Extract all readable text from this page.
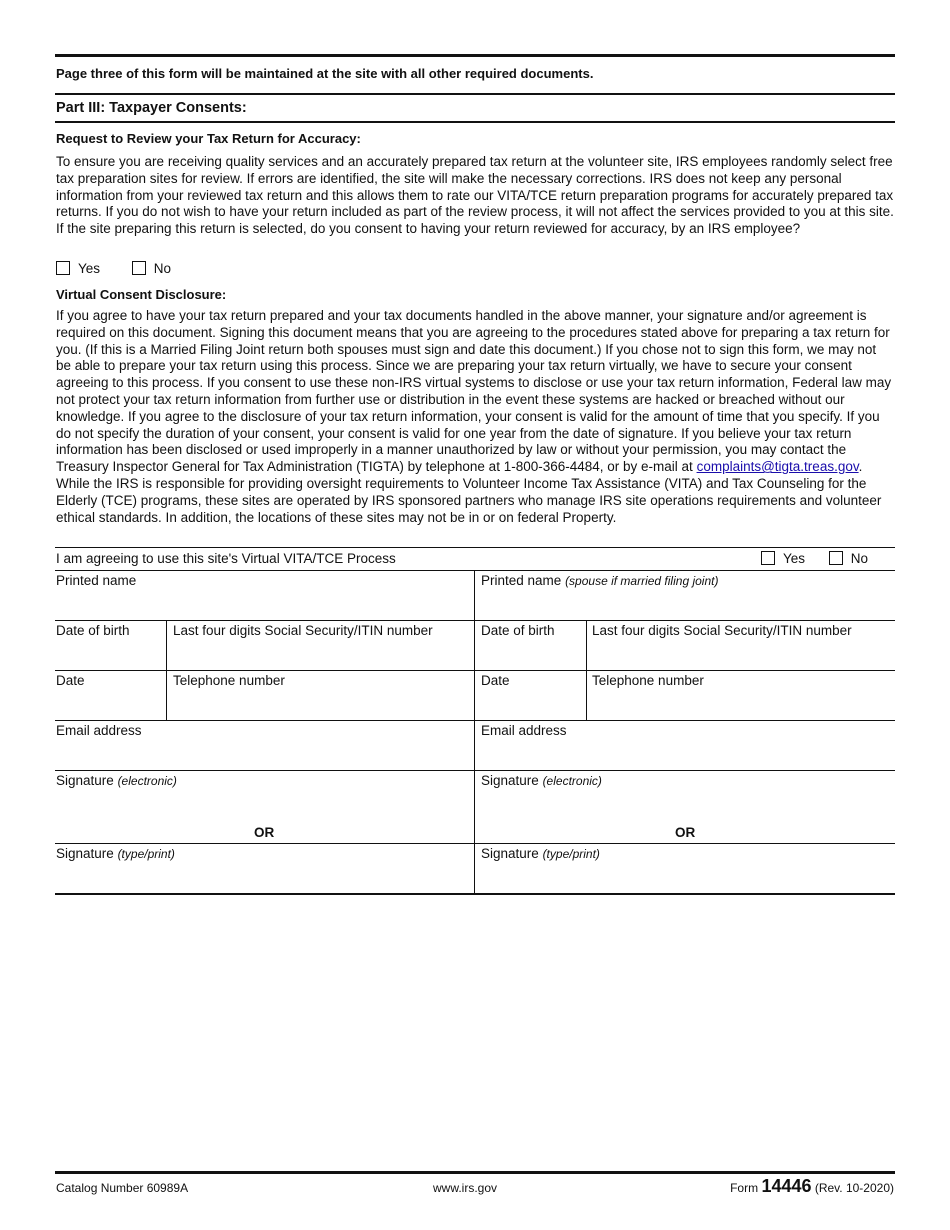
Page three of this form will be maintained at the site with all other required documents.
Part III: Taxpayer Consents:
Request to Review your Tax Return for Accuracy:
To ensure you are receiving quality services and an accurately prepared tax return at the volunteer site, IRS employees randomly select free tax preparation sites for review. If errors are identified, the site will make the necessary corrections. IRS does not keep any personal information from your reviewed tax return and this allows them to rate our VITA/TCE return preparation programs for accurately prepared tax returns. If you do not wish to have your return included as part of the review process, it will not affect the services provided to you at this site. If the site preparing this return is selected, do you consent to having your return reviewed for accuracy, by an IRS employee?
Yes	No
Virtual Consent Disclosure:
If you agree to have your tax return prepared and your tax documents handled in the above manner, your signature and/or agreement is required on this document. Signing this document means that you are agreeing to the procedures stated above for preparing a tax return for you. (If this is a Married Filing Joint return both spouses must sign and date this document.) If you chose not to sign this form, we may not be able to prepare your tax return using this process. Since we are preparing your tax return virtually, we have to secure your consent agreeing to this process. If you consent to use these non-IRS virtual systems to disclose or use your tax return information, Federal law may not protect your tax return information from further use or distribution in the event these systems are hacked or breached without our knowledge. If you agree to the disclosure of your tax return information, your consent is valid for the amount of time that you specify. If you do not specify the duration of your consent, your consent is valid for one year from the date of signature. If you believe your tax return information has been disclosed or used improperly in a manner unauthorized by law or without your permission, you may contact the Treasury Inspector General for Tax Administration (TIGTA) by telephone at 1-800-366-4484, or by e-mail at complaints@tigta.treas.gov. While the IRS is responsible for providing oversight requirements to Volunteer Income Tax Assistance (VITA) and Tax Counseling for the Elderly (TCE) programs, these sites are operated by IRS sponsored partners who manage IRS site operations requirements and volunteer ethical standards. In addition, the locations of these sites may not be in or on federal Property.
I am agreeing to use this site's Virtual VITA/TCE Process	Yes	No
Printed name	Printed name (spouse if married filing joint)
Date of birth	Last four digits Social Security/ITIN number	Date of birth	Last four digits Social Security/ITIN number
Date	Telephone number	Date	Telephone number
Email address	Email address
Signature (electronic)	Signature (electronic)
OR	OR
Signature (type/print)	Signature (type/print)
Catalog Number 60989A	www.irs.gov	Form 14446 (Rev. 10-2020)
